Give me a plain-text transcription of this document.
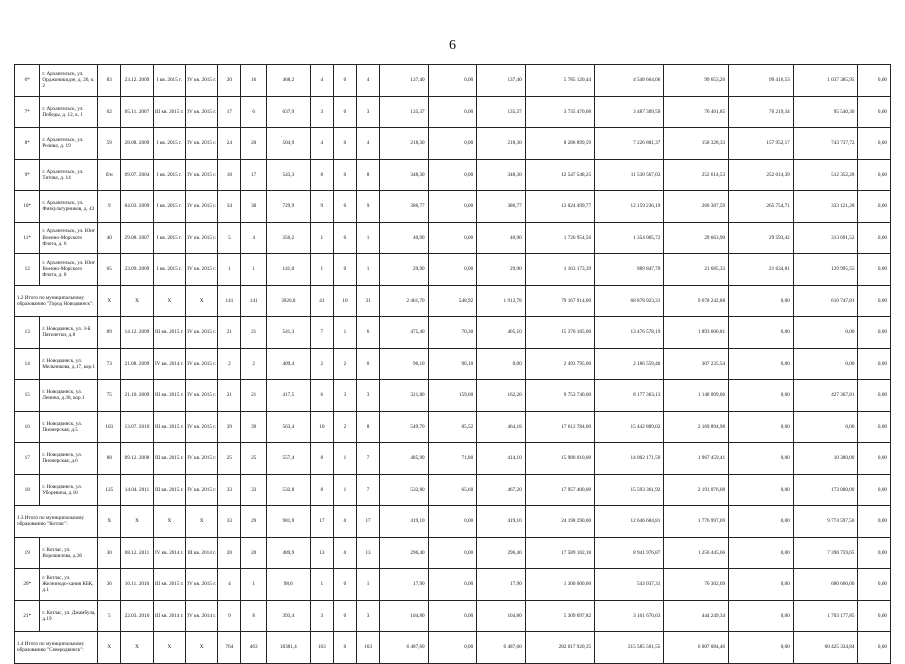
6
6*	г. Архангельск, ул. Орджоникидзе, д. 26, к. 2	83	23.12. 2009	I кв. 2015 г.	IV кв. 2015 г.	20	16	468,2	4	0	4	137,40	0,00	137,40	5 785 120,44	4 548 664,06	99 653,26	99 416,53	1 037 385,95	0,00
7*	г. Архангельск, ул. Победы, д. 12, к. 1	62	05.11. 2007	III кв. 2015 г.	IV кв. 2015 г.	17	6	637,9	3	0	3	135,37	0,00	135,37	3 735 470,08	3 487 309,59	76 401,85	76 219,34	95 540,30	0,00
8*	г. Архангельск, ул. Розина, д. 19	59	28.08. 2009	I кв. 2015 г.	IV кв. 2015 г.	24	20	504,9	4	0	4	218,30	0,00	218,30	8 286 899,59	7 226 881,37	158 328,33	157 952,17	743 737,72	0,00
9*	г. Архангельск, ул. Титова, д. 14	б/н	09.07. 2004	I кв. 2015 г.	IV кв. 2015 г.	18	17	543,3	8	0	8	348,30	0,00	348,30	12 547 548,25	11 530 567,03	252 614,53	252 014,39	512 352,28	0,00
10*	г. Архангельск, ул. Физкультурников, д. 43	9	04.03. 2009	I кв. 2015 г.	IV кв. 2015 г.	34	30	729,9	9	0	9	386,77	0,00	386,77	13 024 499,77	12 159 236,19	266 387,59	265 754,71	333 121,28	0,00
11*	г. Архангельск, ул. Юнг Военно-Морского Флота, д. 6	40	29.08. 2007	I кв. 2015 г.	IV кв. 2015 г.	5	4	356,2	1	0	1	40,90	0,00	40,90	1 726 954,56	1 354 005,72	29 663,90	29 593,42	313 691,52	0,00
12	г. Архангельск, ул. Юнг Военно-Морского Флота, д. 8	65	23.09. 2009	I кв. 2015 г.	IV кв. 2015 г.	1	1	141,0	1	0	1	29,90	0,00	29,90	1 163 173,39	989 847,70	21 685,33	21 634,81	129 995,55	0,00
1.2 Итого по муниципальному образованию "Город Новодвинск":		X	X	X	X	141	141	3926,8	41	10	31	2 461,70	548,92	1 912,78	79 167 914,00	68 878 923,31	9 678 242,88	0,00	610 747,81	0,00
13	г. Новодвинск, ул. 3-й Пятилетки, д.8	89	14.12. 2009	III кв. 2015 г.	IV кв. 2015 г.	21	21	541,3	7	1	6	475,40	70,30	405,10	15 370 185,00	13 476 578,19	1 893 606,81	0,00	0,00	0,00
14	г. Новодвинск, ул. Мельникова, д.17, кор.1	73	21.08. 2009	IV кв. 2014 г.	IV кв. 2015 г.	2	2	409,4	2	2	0	96,10	96,10	0,00	2 493 795,00	2 186 559,46	307 235,54	0,00	0,00	0,00
15	г. Новодвинск, ул. Ленина, д.38, кор.1	75	21.10. 2009	III кв. 2015 г.	IV кв. 2015 г.	21	21	417,5	6	3	3	321,80	159,60	162,20	9 753 740,00	8 177 363,13	1 148 009,06	0,00	427 367,81	0,00
16	г. Новодвинск, ул. Пионерская, д.5	103	13.07. 2010	III кв. 2015 г.	IV кв. 2015 г.	39	39	563,4	10	2	8	549,70	85,52	464,18	17 612 784,00	15 442 889,02	2 169 894,98	0,00	0,00	0,00
17	г. Новодвинск, ул. Пионерская, д.6	88	09.12. 2008	III кв. 2015 г.	IV кв. 2015 г.	25	25	557,4	8	1	7	485,90	71,80	414,10	15 980 010,00	14 002 171,59	1 967 459,41	0,00	10 380,00	0,00
18	г. Новодвинск, ул. Уборевича, д.10	125	14.04. 2011	III кв. 2015 г.	IV кв. 2015 г.	33	33	532,8	8	1	7	532,80	65,60	467,20	17 957 400,00	15 593 361,92	2 191 076,08	0,00	173 000,00	0,00
1.3 Итого по муниципальному образованию "Котлас":		X	X	X	X	33	29	981,9	17	0	17	419,10	0,00	419,10	24 198 290,00	12 646 684,81	1 776 997,69	0,00	9 774 597,50	0,00
19	г. Котлас, ул. Ворошилова, д.36	30	08.12. 2011	IV кв. 2014 г.	III кв. 2014 г.	20	20	489,9	13	0	13	296,40	0,00	296,40	17 589 182,18	8 941 976,87	1 256 445,66	0,00	7 390 759,65	0,00
20*	г. Котлас, ул. Железнодо-хания КБК, д.1	36	10.11. 2010	III кв. 2015 г.	IV кв. 2015 г.	4	1	98,6	1	0	1	17,90	0,00	17,90	1 300 000,00	543 037,31	76 302,69	0,00	680 660,00	0,00
21*	г. Котлас, ул. Джамбула, д.19	5	22.03. 2010	III кв. 2014 г.	IV кв. 2014 г.	9	8	393,4	3	0	3	104,80	0,00	104,80	5 309 097,82	3 161 670,63	444 249,34	0,00	1 703 177,85	0,00
1.4 Итого по муниципальному образованию "Северодвинск":		X	X	X	X	764	463	18381,4	163	0	163	6 487,60	0,00	6 487,60	282 017 920,35	215 585 501,55	6 007 084,46	0,00	60 425 334,84	0,00
